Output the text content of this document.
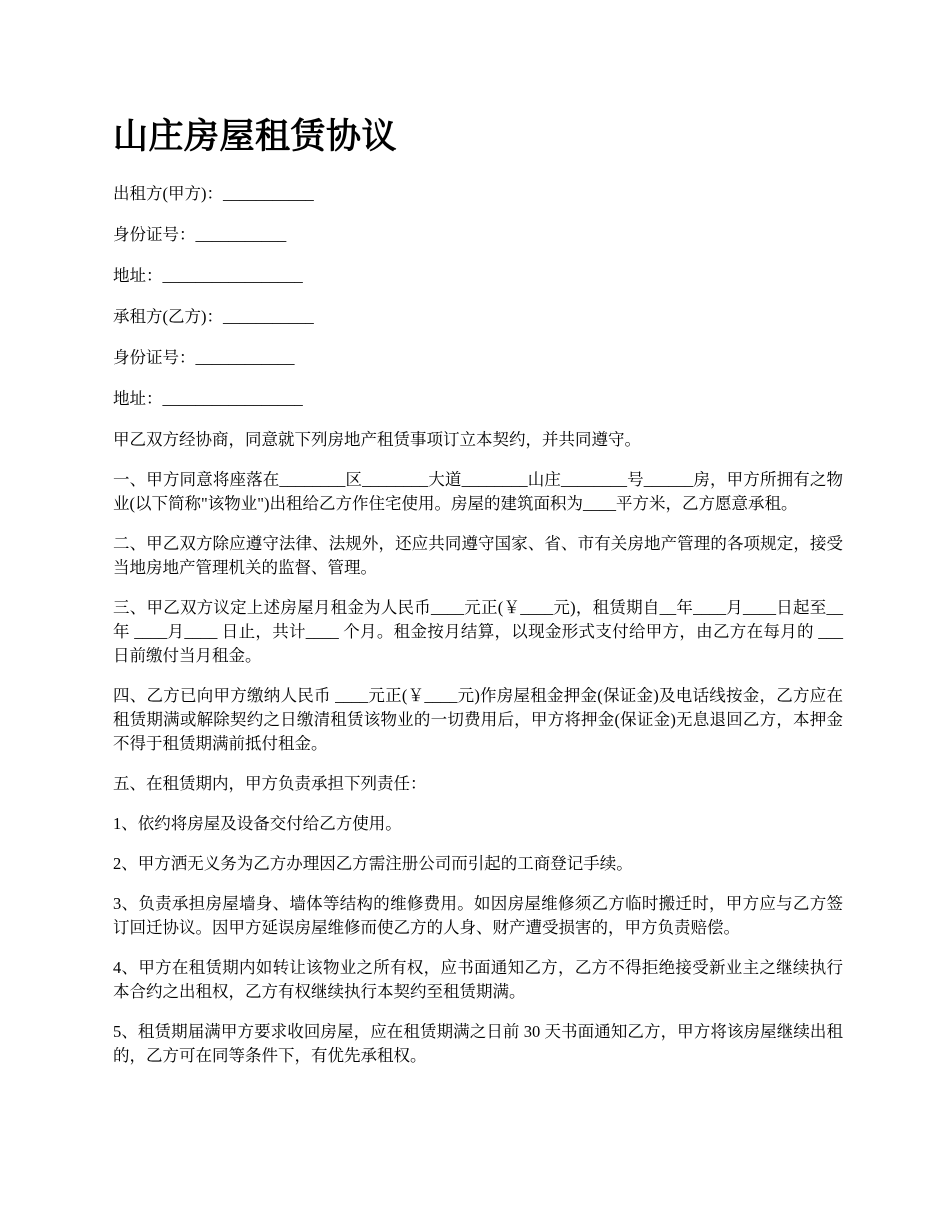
山庄房屋租赁协议
出租方(甲方)：___________
身份证号：___________
地址：_________________
承租方(乙方)：___________
身份证号：____________
地址：_________________

甲乙双方经协商，同意就下列房地产租赁事项订立本契约，并共同遵守。

一、甲方同意将座落在________区________大道________山庄________号______房，甲方所拥有之物业(以下简称"该物业")出租给乙方作住宅使用。房屋的建筑面积为____平方米，乙方愿意承租。

二、甲乙双方除应遵守法律、法规外，还应共同遵守国家、省、市有关房地产管理的各项规定，接受当地房地产管理机关的监督、管理。

三、甲乙双方议定上述房屋月租金为人民币____元正(￥____元)，租赁期自__年____月____日起至__年 ____月____ 日止，共计____ 个月。租金按月结算，以现金形式支付给甲方，由乙方在每月的 ___日前缴付当月租金。

四、乙方已向甲方缴纳人民币 ____元正(￥____元)作房屋租金押金(保证金)及电话线按金，乙方应在租赁期满或解除契约之日缴清租赁该物业的一切费用后，甲方将押金(保证金)无息退回乙方，本押金不得于租赁期满前抵付租金。

五、在租赁期内，甲方负责承担下列责任：

1、依约将房屋及设备交付给乙方使用。

2、甲方洒无义务为乙方办理因乙方需注册公司而引起的工商登记手续。

3、负责承担房屋墙身、墙体等结构的维修费用。如因房屋维修须乙方临时搬迁时，甲方应与乙方签订回迁协议。因甲方延误房屋维修而使乙方的人身、财产遭受损害的，甲方负责赔偿。

4、甲方在租赁期内如转让该物业之所有权，应书面通知乙方，乙方不得拒绝接受新业主之继续执行本合约之出租权，乙方有权继续执行本契约至租赁期满。

5、租赁期届满甲方要求收回房屋，应在租赁期满之日前 30 天书面通知乙方，甲方将该房屋继续出租的，乙方可在同等条件下，有优先承租权。
